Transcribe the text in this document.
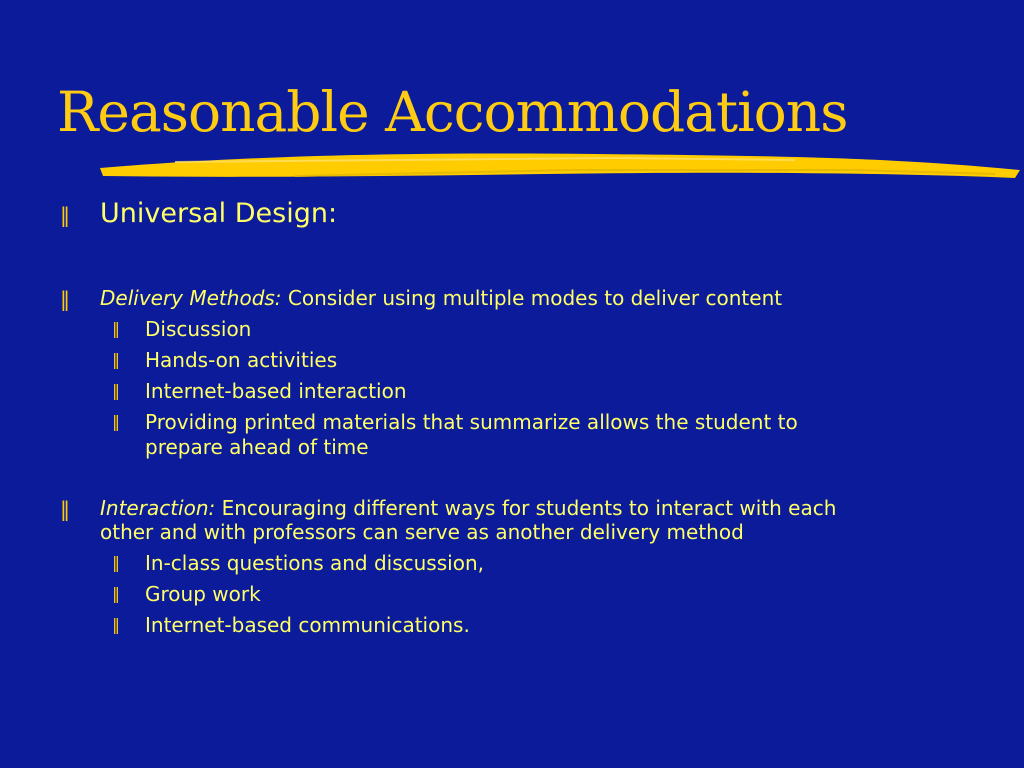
Reasonable Accommodations
‖ Universal Design:
‖ Delivery Methods: Consider using multiple modes to deliver content
‖ Discussion
‖ Hands-on activities
‖ Internet-based interaction
‖ Providing printed materials that summarize allows the student to
prepare ahead of time
‖ Interaction: Encouraging different ways for students to interact with each
other and with professors can serve as another delivery method
‖ In-class questions and discussion,
‖ Group work
‖ Internet-based communications.
